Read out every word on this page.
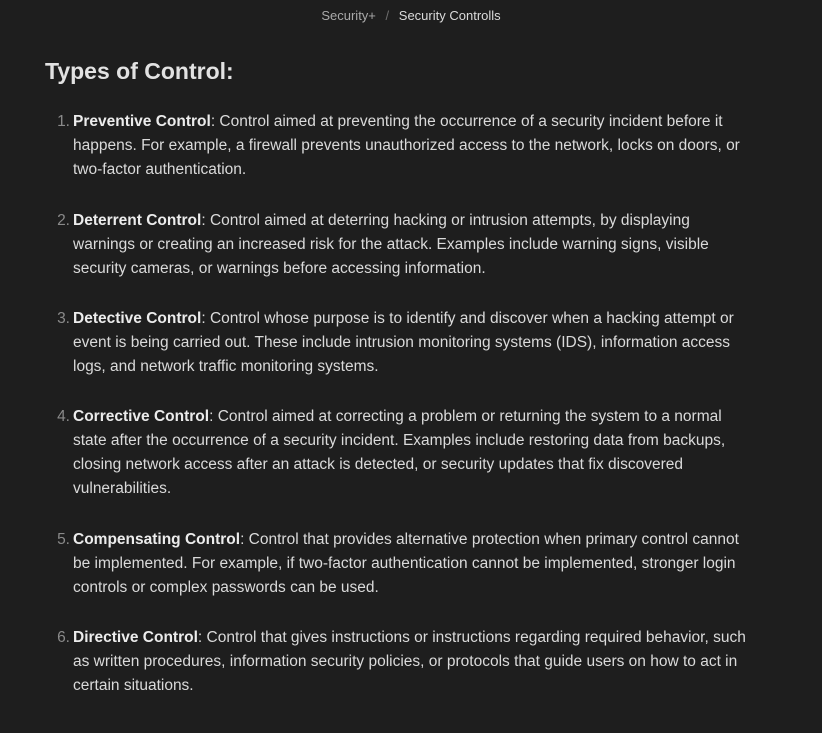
Security+ / Security Controlls
Types of Control:
1. Preventive Control: Control aimed at preventing the occurrence of a security incident before it happens. For example, a firewall prevents unauthorized access to the network, locks on doors, or two-factor authentication.

2. Deterrent Control: Control aimed at deterring hacking or intrusion attempts, by displaying warnings or creating an increased risk for the attack. Examples include warning signs, visible security cameras, or warnings before accessing information.

3. Detective Control: Control whose purpose is to identify and discover when a hacking attempt or event is being carried out. These include intrusion monitoring systems (IDS), information access logs, and network traffic monitoring systems.

4. Corrective Control: Control aimed at correcting a problem or returning the system to a normal state after the occurrence of a security incident. Examples include restoring data from backups, closing network access after an attack is detected, or security updates that fix discovered vulnerabilities.

5. Compensating Control: Control that provides alternative protection when primary control cannot be implemented. For example, if two-factor authentication cannot be implemented, stronger login controls or complex passwords can be used.

6. Directive Control: Control that gives instructions or instructions regarding required behavior, such as written procedures, information security policies, or protocols that guide users on how to act in certain situations.
